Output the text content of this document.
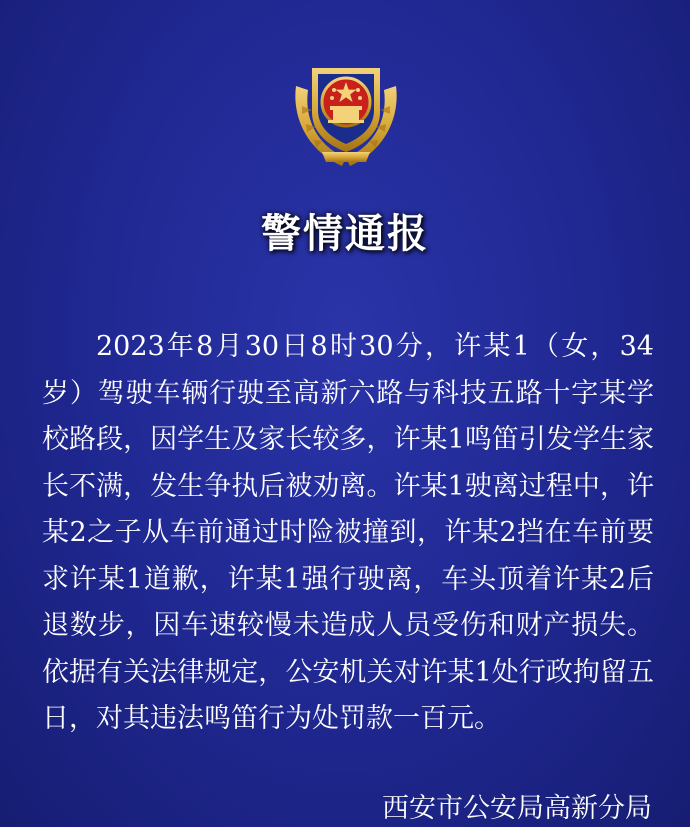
警情通报

2023年8月30日8时30分，许某1（女，34岁）驾驶车辆行驶至高新六路与科技五路十字某学校路段，因学生及家长较多，许某1鸣笛引发学生家长不满，发生争执后被劝离。许某1驶离过程中，许某2之子从车前通过时险被撞到，许某2挡在车前要求许某1道歉，许某1强行驶离，车头顶着许某2后退数步，因车速较慢未造成人员受伤和财产损失。依据有关法律规定，公安机关对许某1处行政拘留五日，对其违法鸣笛行为处罚款一百元。

西安市公安局高新分局
